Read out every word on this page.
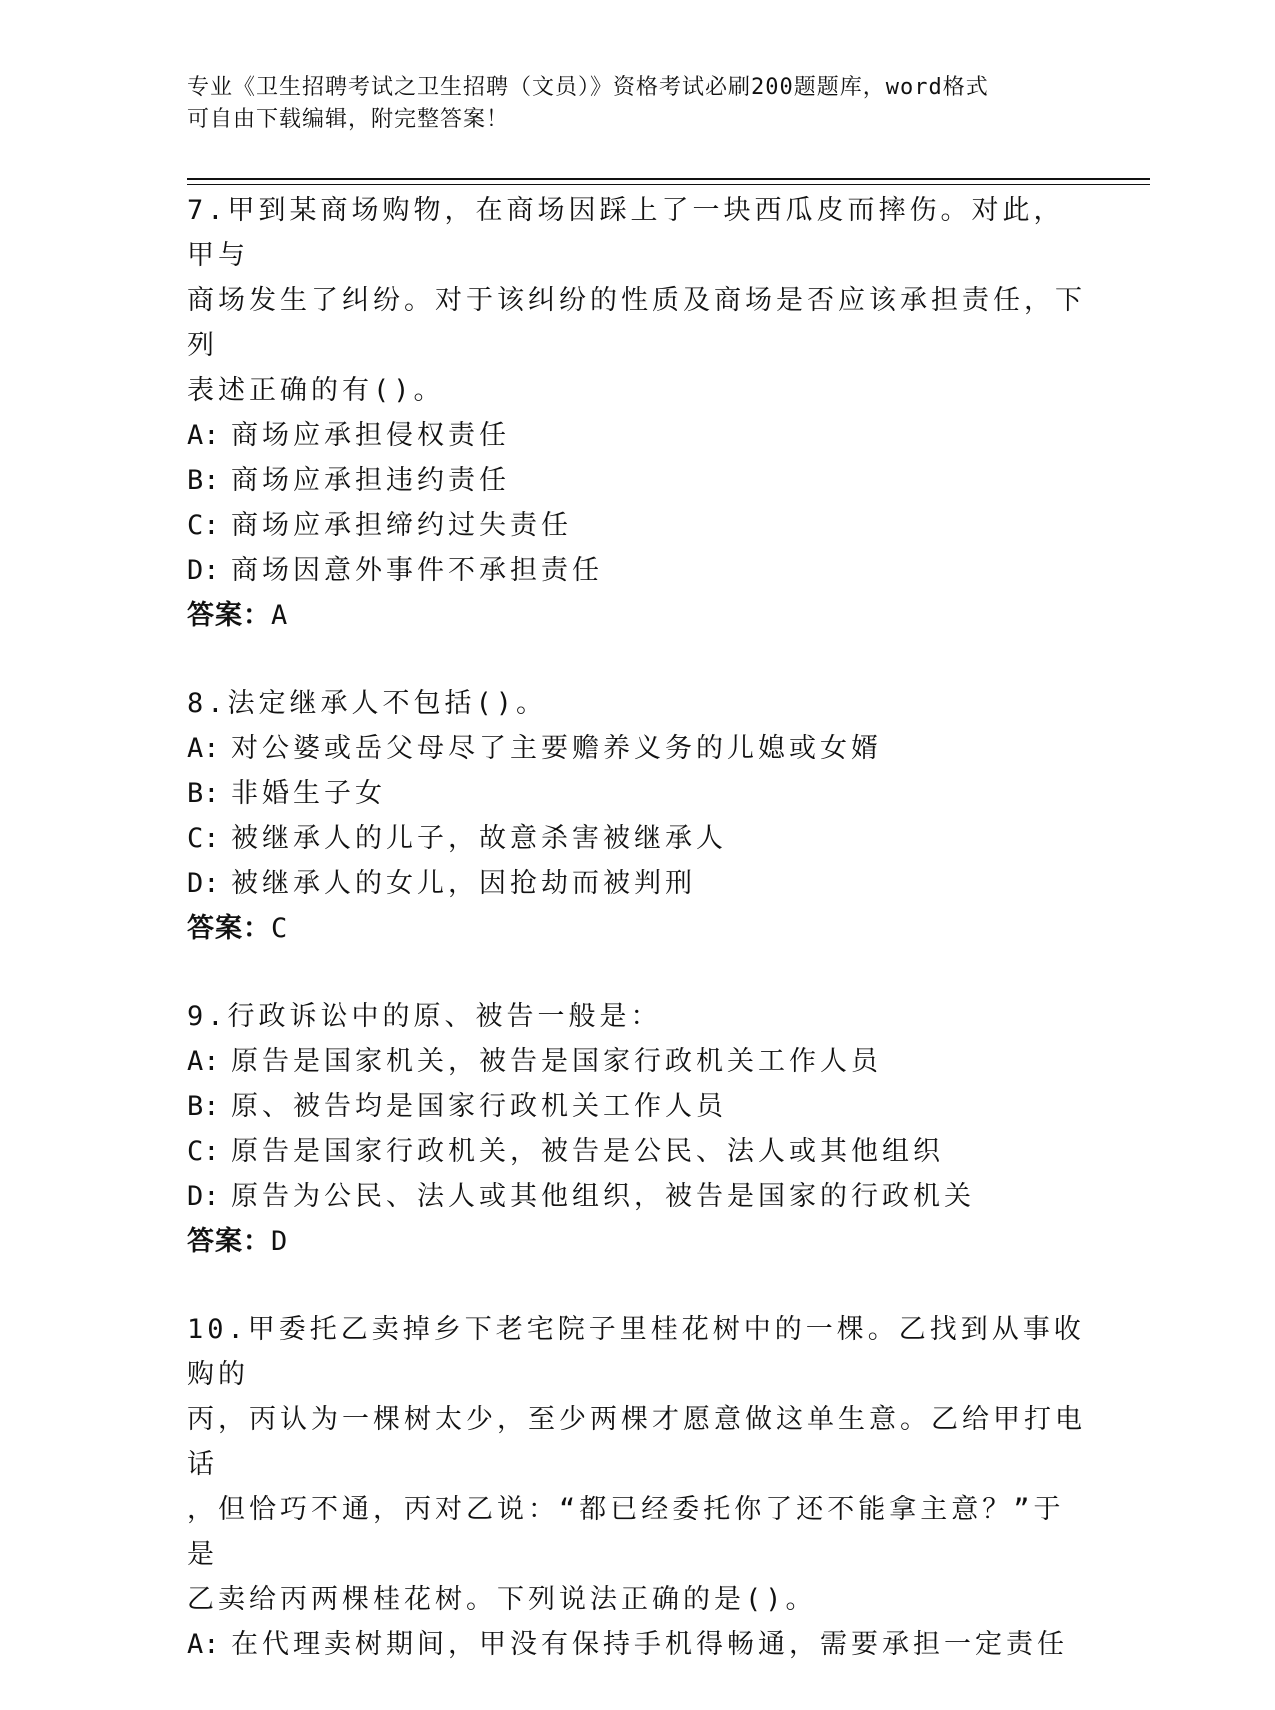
专业《卫生招聘考试之卫生招聘（文员）》资格考试必刷200题题库，word格式
可自由下载编辑，附完整答案！

7.甲到某商场购物，在商场因踩上了一块西瓜皮而摔伤。对此，甲与

商场发生了纠纷。对于该纠纷的性质及商场是否应该承担责任，下列

表述正确的有()。

A: 商场应承担侵权责任

B: 商场应承担违约责任

C: 商场应承担缔约过失责任

D: 商场因意外事件不承担责任

答案：A

8.法定继承人不包括()。

A: 对公婆或岳父母尽了主要赡养义务的儿媳或女婿

B: 非婚生子女

C: 被继承人的儿子，故意杀害被继承人

D: 被继承人的女儿，因抢劫而被判刑

答案：C

9.行政诉讼中的原、被告一般是：

A: 原告是国家机关，被告是国家行政机关工作人员

B: 原、被告均是国家行政机关工作人员

C: 原告是国家行政机关，被告是公民、法人或其他组织

D: 原告为公民、法人或其他组织，被告是国家的行政机关

答案：D

10.甲委托乙卖掉乡下老宅院子里桂花树中的一棵。乙找到从事收购的

丙，丙认为一棵树太少，至少两棵才愿意做这单生意。乙给甲打电话

，但恰巧不通，丙对乙说：“都已经委托你了还不能拿主意？”于是

乙卖给丙两棵桂花树。下列说法正确的是()。

A: 在代理卖树期间，甲没有保持手机得畅通，需要承担一定责任
